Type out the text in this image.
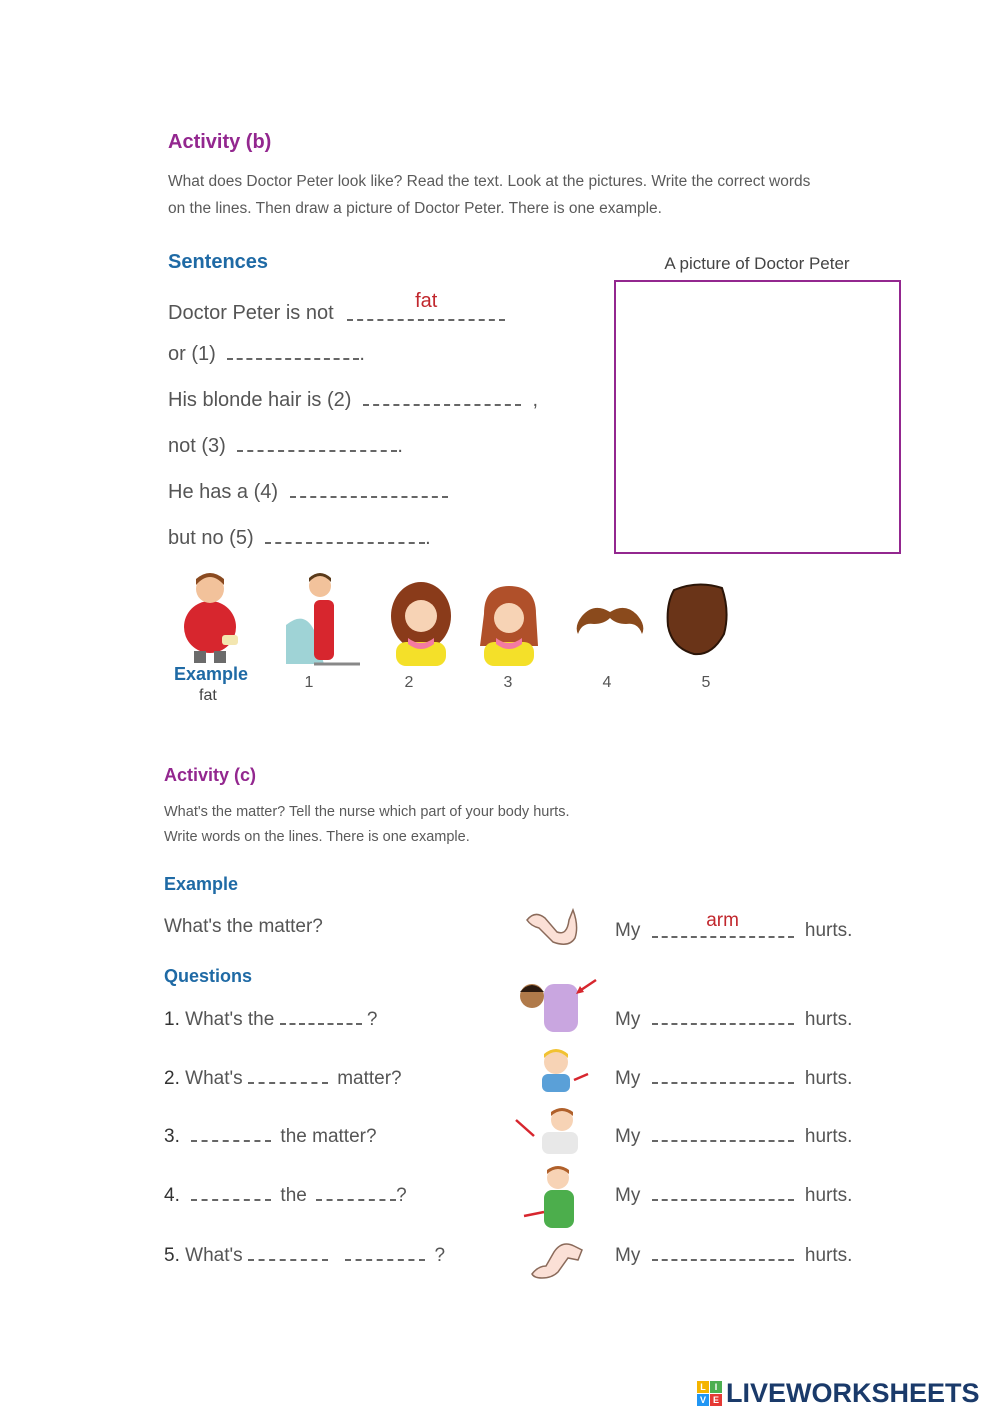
Activity (b)
What does Doctor Peter look like? Read the text. Look at the pictures. Write the correct words
on the lines. Then draw a picture of Doctor Peter. There is one example.
Sentences	A picture of Doctor Peter
Doctor Peter is not
fat
or (1)	.
His blonde hair is (2)	,
not (3)	.
He has a (4)
but no (5)	.
Example
fat
1	2	3	4	5
Activity (c)
What's the matter? Tell the nurse which part of your body hurts.
Write words on the lines. There is one example.
Example
What's the matter?	My	arm	hurts.
Questions
1. What's the	?	My	hurts.
2. What's	matter?	My	hurts.
3.	the matter?	My	hurts.
4.	the	?	My	hurts.
5. What's	?	My	hurts.
L I
V E LIVEWORKSHEETS
